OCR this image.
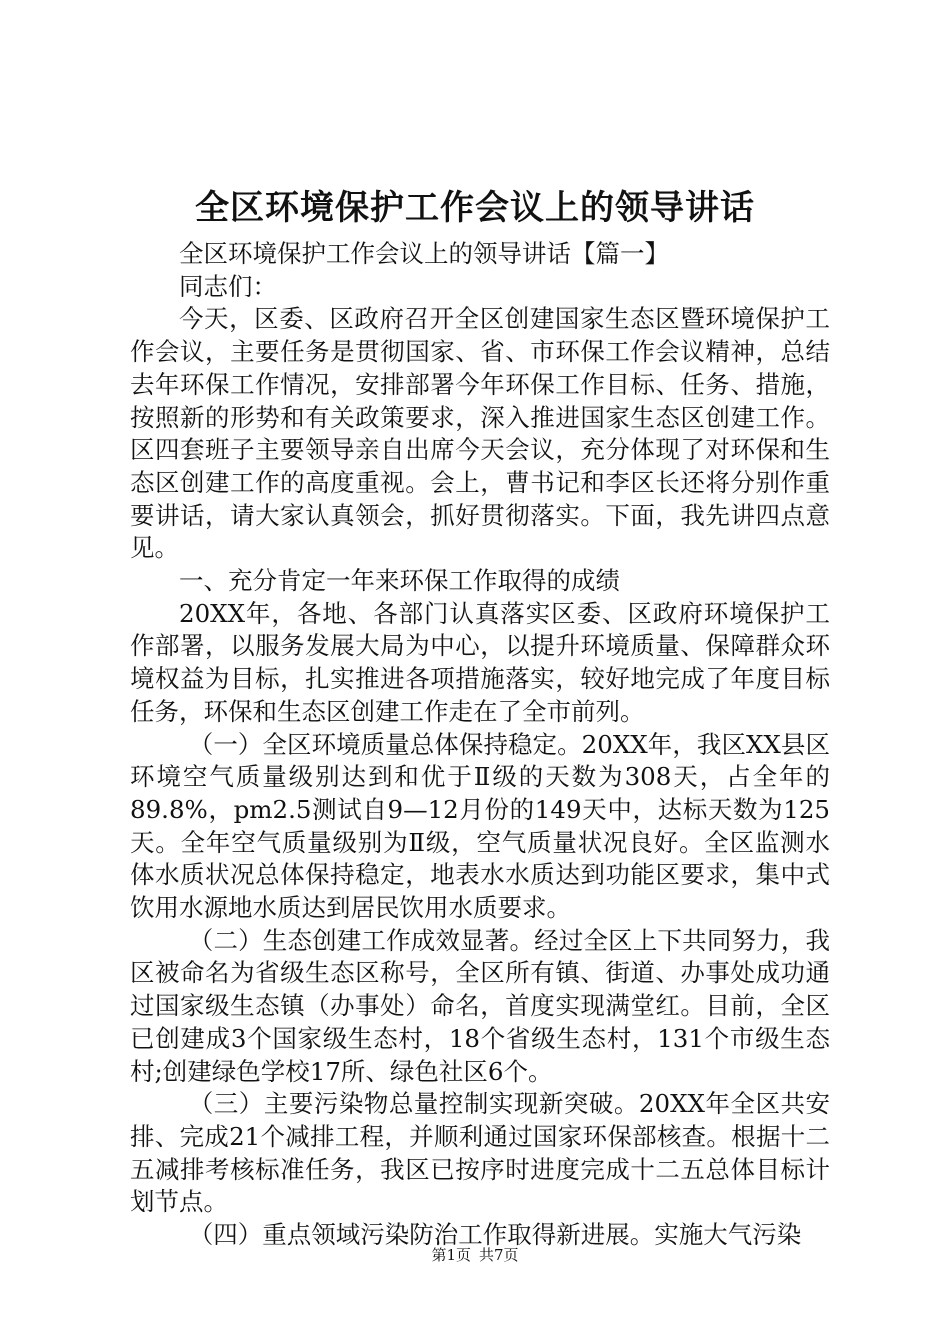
全区环境保护工作会议上的领导讲话

全区环境保护工作会议上的领导讲话【篇一】

同志们：

今天，区委、区政府召开全区创建国家生态区暨环境保护工作会议，主要任务是贯彻国家、省、市环保工作会议精神，总结去年环保工作情况，安排部署今年环保工作目标、任务、措施，按照新的形势和有关政策要求，深入推进国家生态区创建工作。区四套班子主要领导亲自出席今天会议，充分体现了对环保和生态区创建工作的高度重视。会上，曹书记和李区长还将分别作重要讲话，请大家认真领会，抓好贯彻落实。下面，我先讲四点意见。

一、充分肯定一年来环保工作取得的成绩

20XX年，各地、各部门认真落实区委、区政府环境保护工作部署，以服务发展大局为中心，以提升环境质量、保障群众环境权益为目标，扎实推进各项措施落实，较好地完成了年度目标任务，环保和生态区创建工作走在了全市前列。

（一）全区环境质量总体保持稳定。20XX年，我区XX县区环境空气质量级别达到和优于Ⅱ级的天数为308天，占全年的89.8%，pm2.5测试自9—12月份的149天中，达标天数为125天。全年空气质量级别为Ⅱ级，空气质量状况良好。全区监测水体水质状况总体保持稳定，地表水水质达到功能区要求，集中式饮用水源地水质达到居民饮用水质要求。

（二）生态创建工作成效显著。经过全区上下共同努力，我区被命名为省级生态区称号，全区所有镇、街道、办事处成功通过国家级生态镇（办事处）命名，首度实现满堂红。目前，全区已创建成3个国家级生态村，18个省级生态村，131个市级生态村;创建绿色学校17所、绿色社区6个。

（三）主要污染物总量控制实现新突破。20XX年全区共安排、完成21个减排工程，并顺利通过国家环保部核查。根据十二五减排考核标准任务，我区已按序时进度完成十二五总体目标计划节点。

（四）重点领域污染防治工作取得新进展。实施大气污染

第1页 共7页
